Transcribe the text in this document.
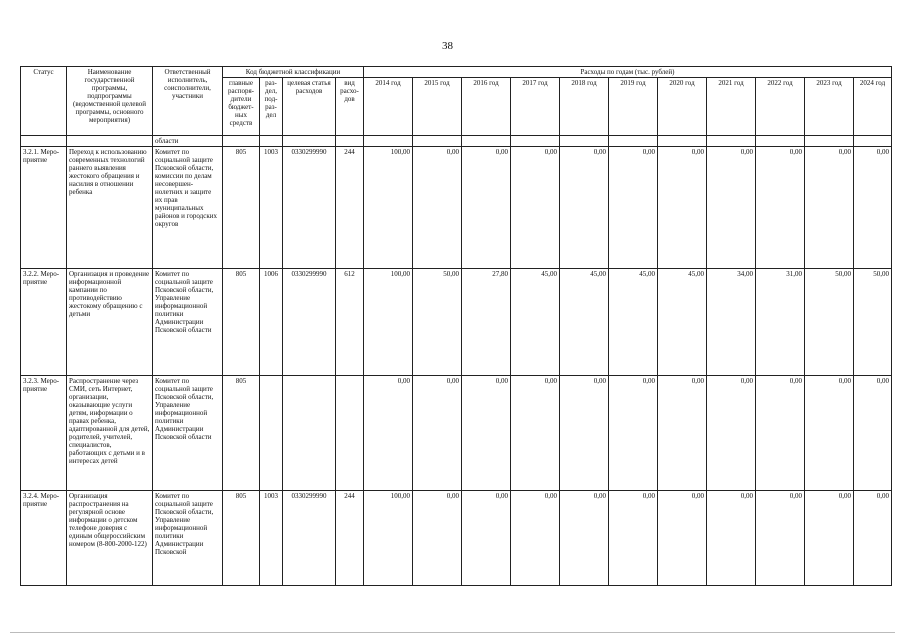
38
Статус	Наименование государственной программы, подпрограммы (ведомственной целевой программы, основного мероприятия)	Ответственный исполнитель, соисполнители, участники	Код бюджетной классификации				Расходы по годам (тыс. рублей)										
			главные распоря-дители бюджет-ных средств	раз-дел, под-раз-дел	целевая статья расходов	вид расхо-дов	2014 год	2015 год	2016 год	2017 год	2018 год	2019 год	2020 год	2021 год	2022 год	2023 год	2024 год
		области															
3.2.1. Меро-приятие	Переход к использованию современных технологий раннего выявления жестокого обращения и насилия в отношении ребенка	Комитет по социальной защите Псковской области, комиссии по делам несовершен-нолетних и защите их прав муниципальных районов и городских округов	805	1003	0330299990	244	100,00	0,00	0,00	0,00	0,00	0,00	0,00	0,00	0,00	0,00	0,00
3.2.2. Меро-приятие	Организация и проведение информационной кампании по противодействию жестокому обращению с детьми	Комитет по социальной защите Псковской области, Управление информационной политики Администрации Псковской области	805	1006	0330299990	612	100,00	50,00	27,80	45,00	45,00	45,00	45,00	34,00	31,00	50,00	50,00
3.2.3. Меро-приятие	Распространение через СМИ, сеть Интернет, организации, оказывающие услуги детям, информации о правах ребенка, адаптированной для детей, родителей, учителей, специалистов, работающих с детьми и в интересах детей	Комитет по социальной защите Псковской области, Управление информационной политики Администрации Псковской области	805				0,00	0,00	0,00	0,00	0,00	0,00	0,00	0,00	0,00	0,00	0,00
3.2.4. Меро-приятие	Организация распространения на регулярной основе информации о детском телефоне доверия с единым общероссийским номером (8-800-2000-122)	Комитет по социальной защите Псковской области, Управление информационной политики Администрации Псковской	805	1003	0330299990	244	100,00	0,00	0,00	0,00	0,00	0,00	0,00	0,00	0,00	0,00	0,00
